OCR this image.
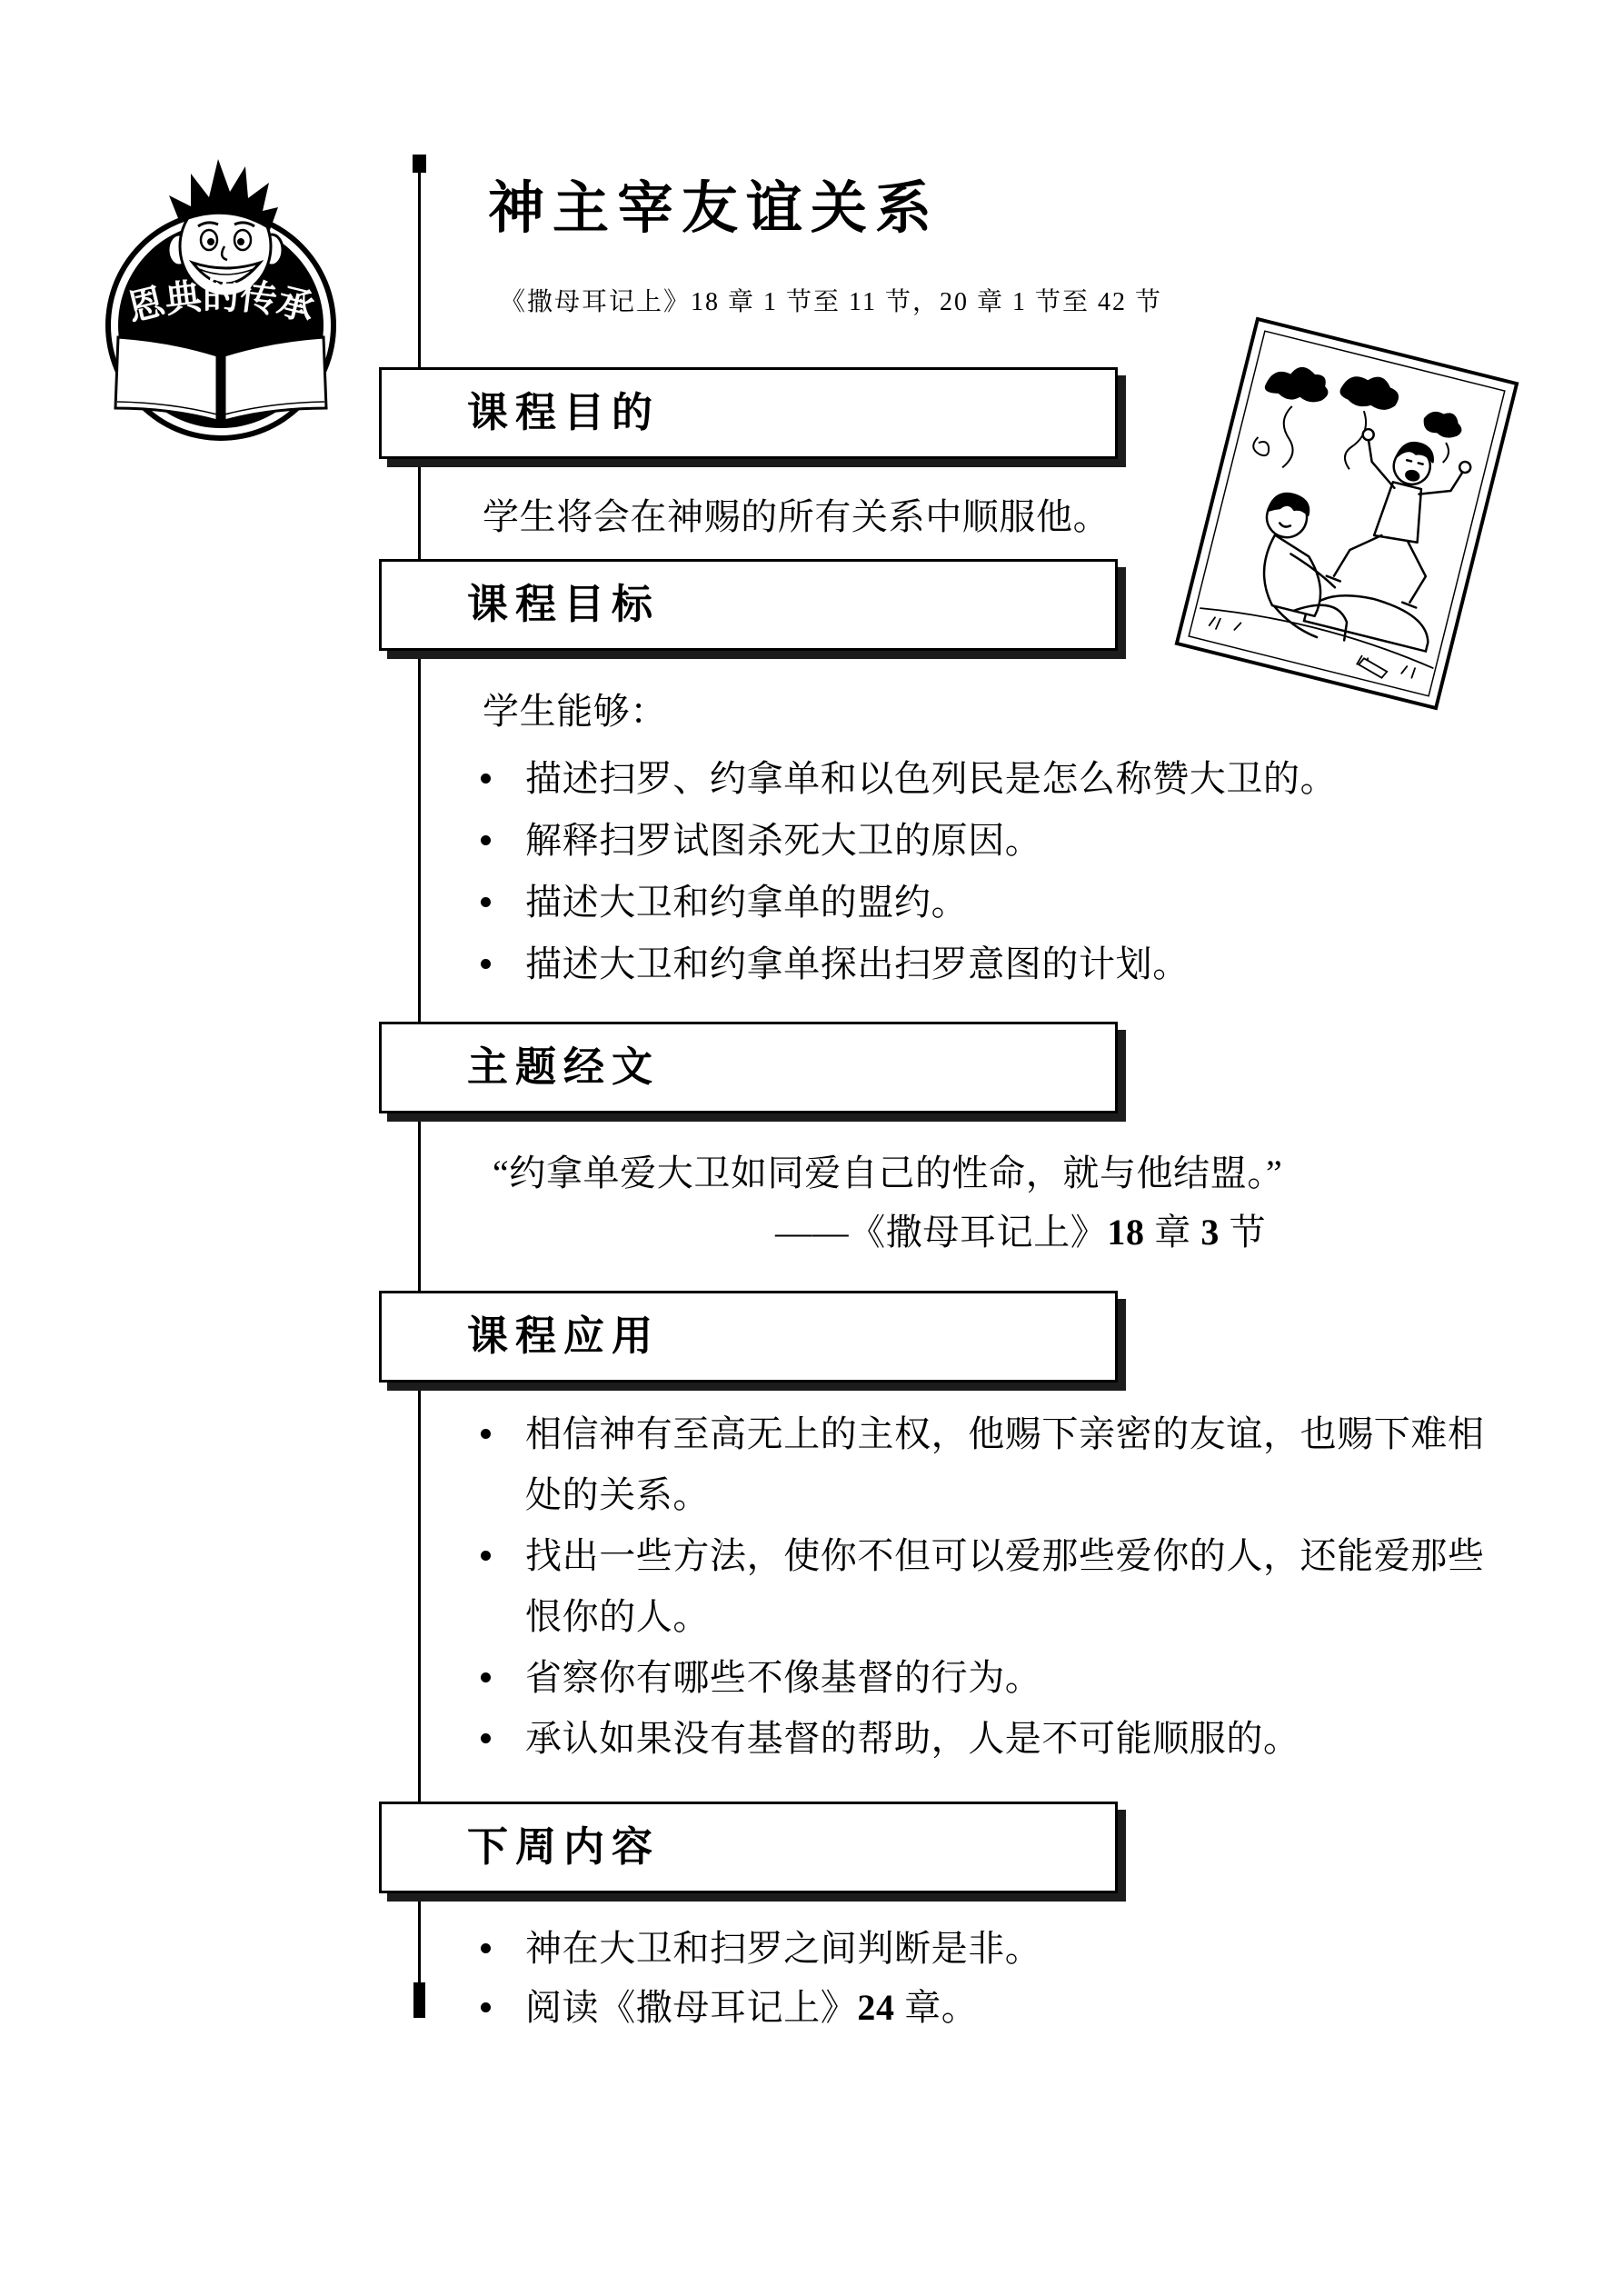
恩典的传承
神主宰友谊关系
《撒母耳记上》18 章 1 节至 11 节，20 章 1 节至 42 节
课程目的
学生将会在神赐的所有关系中顺服他。
课程目标
学生能够：
描述扫罗、约拿单和以色列民是怎么称赞大卫的。
解释扫罗试图杀死大卫的原因。
描述大卫和约拿单的盟约。
描述大卫和约拿单探出扫罗意图的计划。
主题经文
“约拿单爱大卫如同爱自己的性命，就与他结盟。”
——《撒母耳记上》18 章 3 节
课程应用
相信神有至高无上的主权，他赐下亲密的友谊，也赐下难相
处的关系。
找出一些方法，使你不但可以爱那些爱你的人，还能爱那些
恨你的人。
省察你有哪些不像基督的行为。
承认如果没有基督的帮助，人是不可能顺服的。
下周内容
神在大卫和扫罗之间判断是非。
阅读《撒母耳记上》24 章。
